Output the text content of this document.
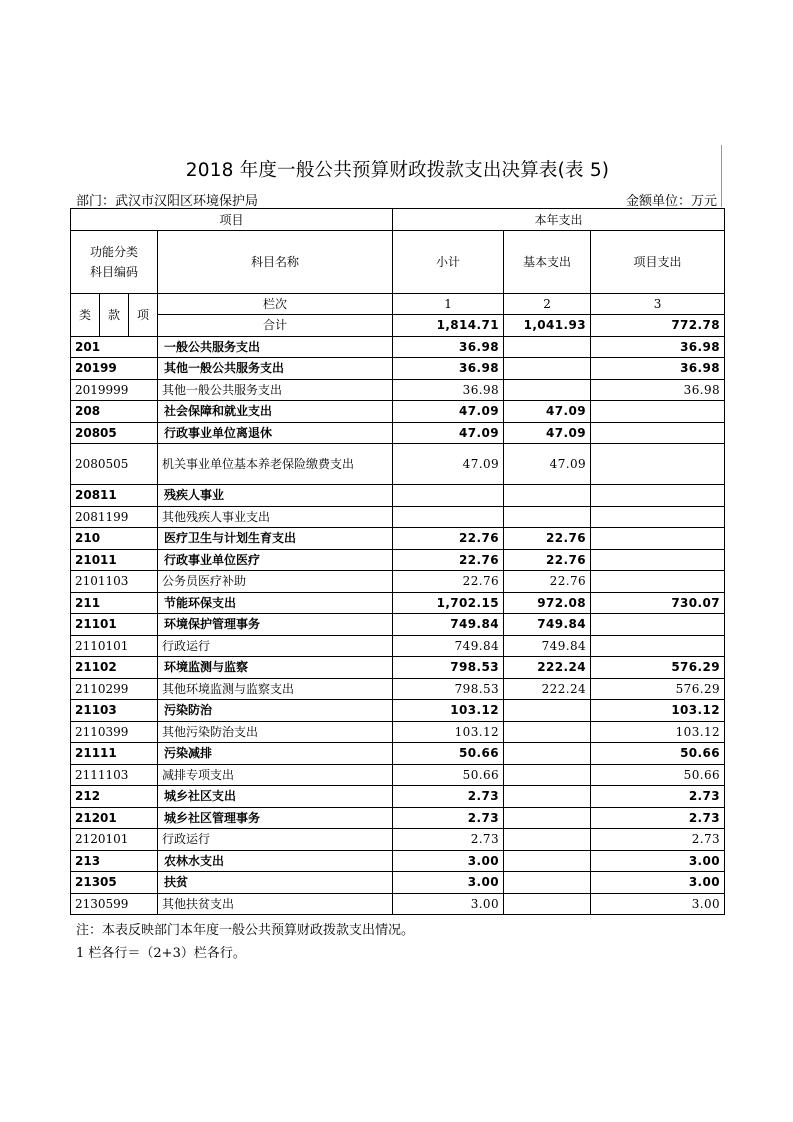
2018 年度一般公共预算财政拨款支出决算表(表 5)
部门：武汉市汉阳区环境保护局	金额单位：万元
项目				本年支出		
功能分类科目编码			科目名称	小计	基本支出	项目支出
类	款	项	栏次	1	2	3
			合计	1,814.71	1,041.93	772.78
201			一般公共服务支出	36.98		36.98
20199			其他一般公共服务支出	36.98		36.98
2019999			其他一般公共服务支出	36.98		36.98
208			社会保障和就业支出	47.09	47.09	
20805			行政事业单位离退休	47.09	47.09	
2080505			机关事业单位基本养老保险缴费支出	47.09	47.09	
20811			残疾人事业			
2081199			其他残疾人事业支出			
210			医疗卫生与计划生育支出	22.76	22.76	
21011			行政事业单位医疗	22.76	22.76	
2101103			公务员医疗补助	22.76	22.76	
211			节能环保支出	1,702.15	972.08	730.07
21101			环境保护管理事务	749.84	749.84	
2110101			行政运行	749.84	749.84	
21102			环境监测与监察	798.53	222.24	576.29
2110299			其他环境监测与监察支出	798.53	222.24	576.29
21103			污染防治	103.12		103.12
2110399			其他污染防治支出	103.12		103.12
21111			污染减排	50.66		50.66
2111103			减排专项支出	50.66		50.66
212			城乡社区支出	2.73		2.73
21201			城乡社区管理事务	2.73		2.73
2120101			行政运行	2.73		2.73
213			农林水支出	3.00		3.00
21305			扶贫	3.00		3.00
2130599			其他扶贫支出	3.00		3.00
注：本表反映部门本年度一般公共预算财政拨款支出情况。
1 栏各行＝（2+3）栏各行。
